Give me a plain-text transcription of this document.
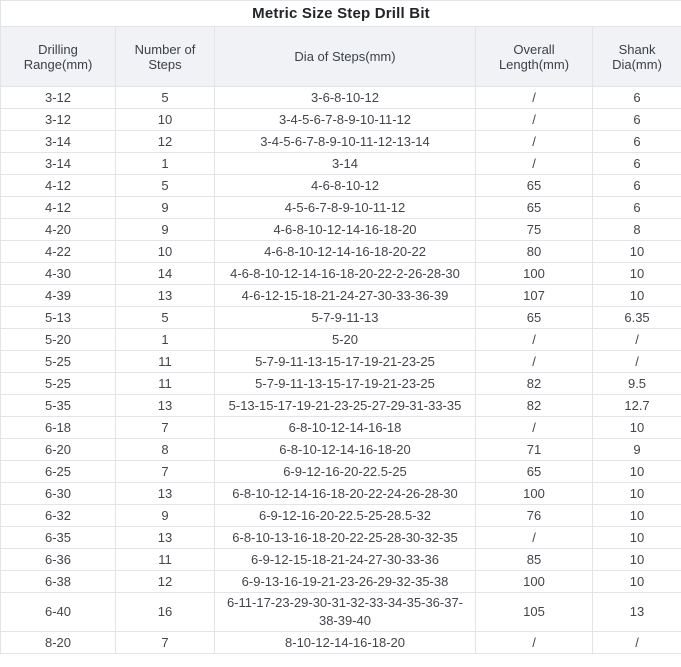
Metric Size Step Drill Bit				
Drilling Range(mm)	Number of Steps	Dia of Steps(mm)	Overall Length(mm)	Shank Dia(mm)
3-12	5	3-6-8-10-12	/	6
3-12	10	3-4-5-6-7-8-9-10-11-12	/	6
3-14	12	3-4-5-6-7-8-9-10-11-12-13-14	/	6
3-14	1	3-14	/	6
4-12	5	4-6-8-10-12	65	6
4-12	9	4-5-6-7-8-9-10-11-12	65	6
4-20	9	4-6-8-10-12-14-16-18-20	75	8
4-22	10	4-6-8-10-12-14-16-18-20-22	80	10
4-30	14	4-6-8-10-12-14-16-18-20-22-2-26-28-30	100	10
4-39	13	4-6-12-15-18-21-24-27-30-33-36-39	107	10
5-13	5	5-7-9-11-13	65	6.35
5-20	1	5-20	/	/
5-25	11	5-7-9-11-13-15-17-19-21-23-25	/	/
5-25	11	5-7-9-11-13-15-17-19-21-23-25	82	9.5
5-35	13	5-13-15-17-19-21-23-25-27-29-31-33-35	82	12.7
6-18	7	6-8-10-12-14-16-18	/	10
6-20	8	6-8-10-12-14-16-18-20	71	9
6-25	7	6-9-12-16-20-22.5-25	65	10
6-30	13	6-8-10-12-14-16-18-20-22-24-26-28-30	100	10
6-32	9	6-9-12-16-20-22.5-25-28.5-32	76	10
6-35	13	6-8-10-13-16-18-20-22-25-28-30-32-35	/	10
6-36	11	6-9-12-15-18-21-24-27-30-33-36	85	10
6-38	12	6-9-13-16-19-21-23-26-29-32-35-38	100	10
6-40	16	6-11-17-23-29-30-31-32-33-34-35-36-37-38-39-40	105	13
8-20	7	8-10-12-14-16-18-20	/	/
